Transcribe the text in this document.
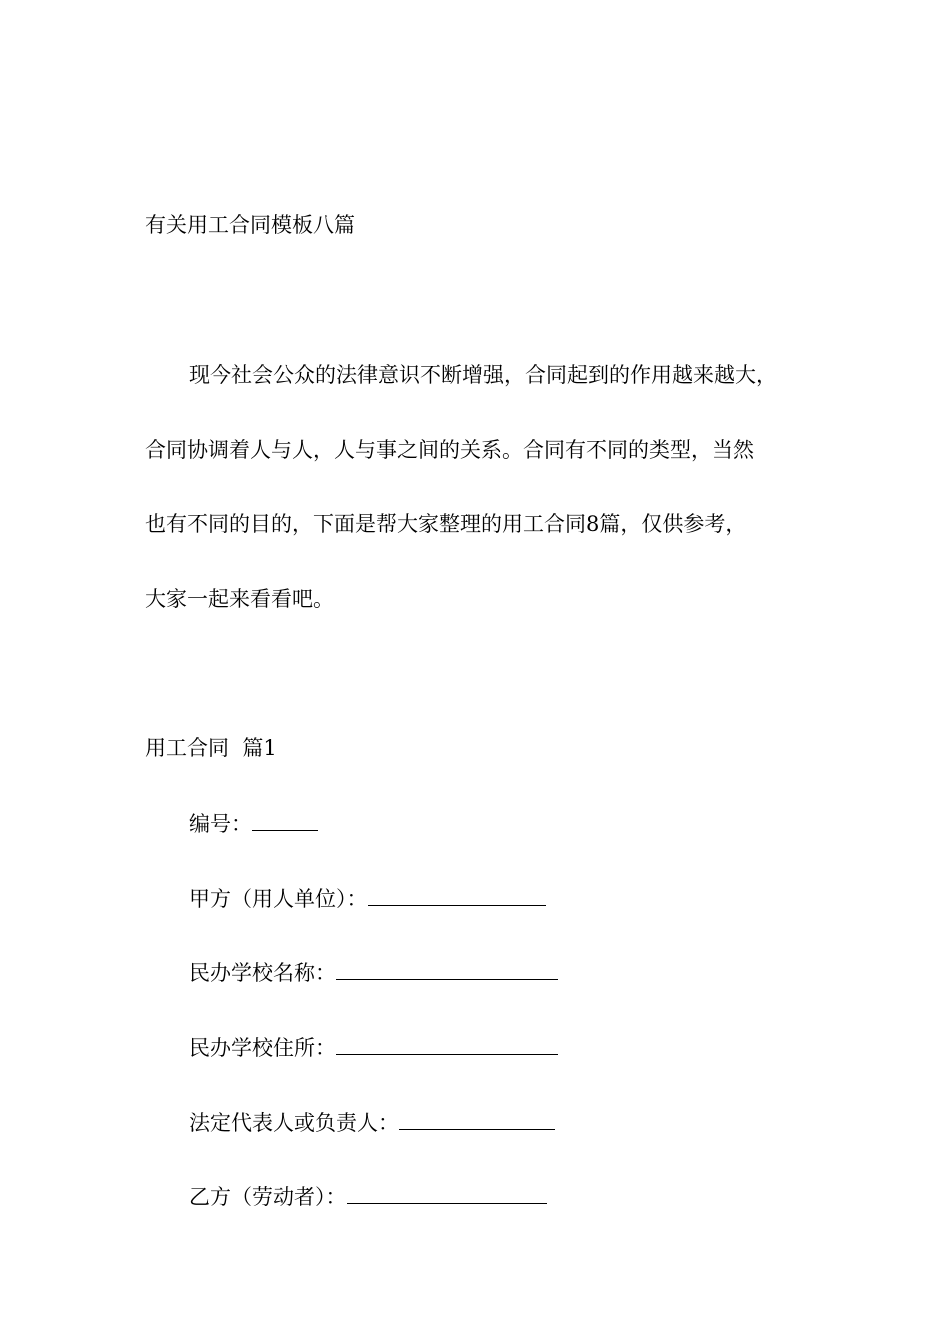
有关用工合同模板八篇
现今社会公众的法律意识不断增强，合同起到的作用越来越大，
合同协调着人与人，人与事之间的关系。合同有不同的类型，当然
也有不同的目的，下面是帮大家整理的用工合同8篇，仅供参考，
大家一起来看看吧。
用工合同  篇1
编号：
甲方（用人单位）：
民办学校名称：
民办学校住所：
法定代表人或负责人：
乙方（劳动者）：
